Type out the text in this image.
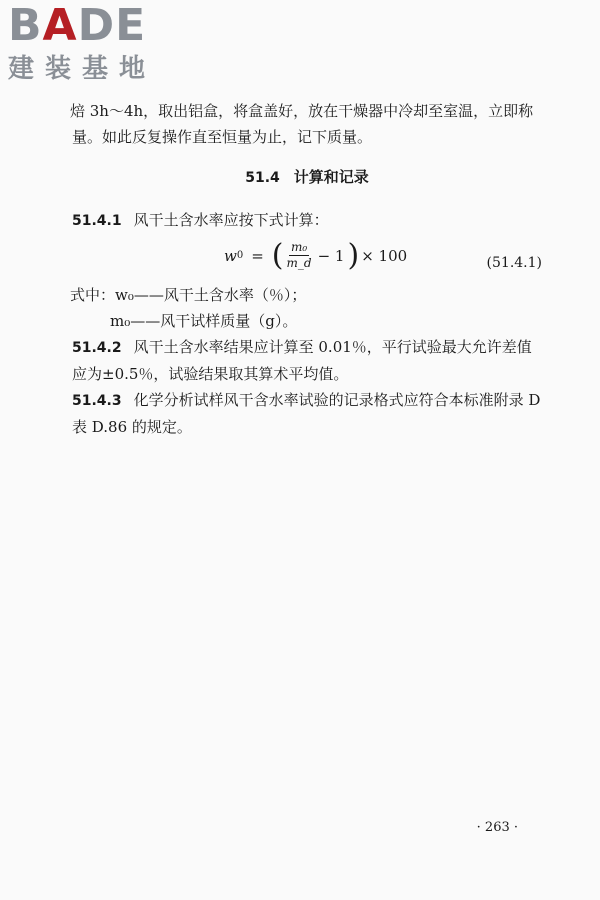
B A DE
建装基地

焙 3h～4h，取出铝盒，将盒盖好，放在干燥器中冷却至室温，立即称量。如此反复操作直至恒量为止，记下质量。

51.4 计算和记录

51.4.1 风干土含水率应按下式计算：

w 0 = ( $\frac{\text{m₀}}{m\_d} - 1$ ) × 100	(51.4.1)

式中：w₀——风干土含水率（％）；

m₀——风干试样质量（g）。

51.4.2 风干土含水率结果应计算至 0.01％，平行试验最大允许差值应为±0.5％，试验结果取其算术平均值。

51.4.3 化学分析试样风干含水率试验的记录格式应符合本标准附录 D 表 D.86 的规定。

· 263 ·
